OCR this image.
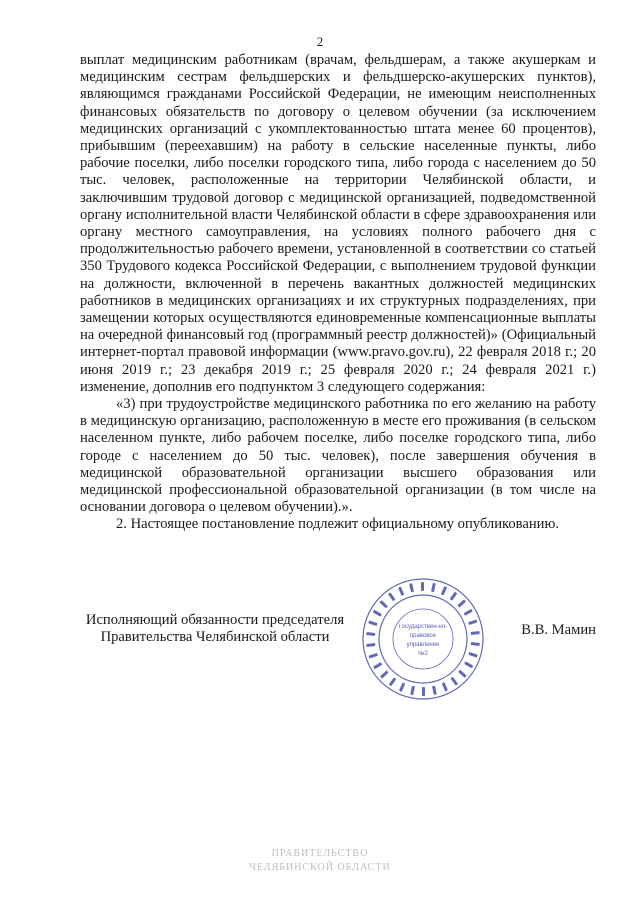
2

выплат медицинским работникам (врачам, фельдшерам, а также акушеркам и медицинским сестрам фельдшерских и фельдшерско-акушерских пунктов), являющимся гражданами Российской Федерации, не имеющим неисполненных финансовых обязательств по договору о целевом обучении (за исключением медицинских организаций с укомплектованностью штата менее 60 процентов), прибывшим (переехавшим) на работу в сельские населенные пункты, либо рабочие поселки, либо поселки городского типа, либо города с населением до 50 тыс. человек, расположенные на территории Челябинской области, и заключившим трудовой договор с медицинской организацией, подведомственной органу исполнительной власти Челябинской области в сфере здравоохранения или органу местного самоуправления, на условиях полного рабочего дня с продолжительностью рабочего времени, установленной в соответствии со статьей 350 Трудового кодекса Российской Федерации, с выполнением трудовой функции на должности, включенной в перечень вакантных должностей медицинских работников в медицинских организациях и их структурных подразделениях, при замещении которых осуществляются единовременные компенсационные выплаты на очередной финансовый год (программный реестр должностей)» (Официальный интернет-портал правовой информации (www.pravo.gov.ru), 22 февраля 2018 г.; 20 июня 2019 г.; 23 декабря 2019 г.; 25 февраля 2020 г.; 24 февраля 2021 г.) изменение, дополнив его подпунктом 3 следующего содержания:

«3) при трудоустройстве медицинского работника по его желанию на работу в медицинскую организацию, расположенную в месте его проживания (в сельском населенном пункте, либо рабочем поселке, либо поселке городского типа, либо городе с населением до 50 тыс. человек), после завершения обучения в медицинской образовательной организации высшего образования или медицинской профессиональной образовательной организации (в том числе на основании договора о целевом обучении).».

2. Настоящее постановление подлежит официальному опубликованию.

Исполняющий обязанности председателя
Правительства Челябинской области	В.В. Мамин
Государствен-но-
правовое
управление
№2
ПРАВИТЕЛЬСТВО
ЧЕЛЯБИНСКОЙ ОБЛАСТИ
